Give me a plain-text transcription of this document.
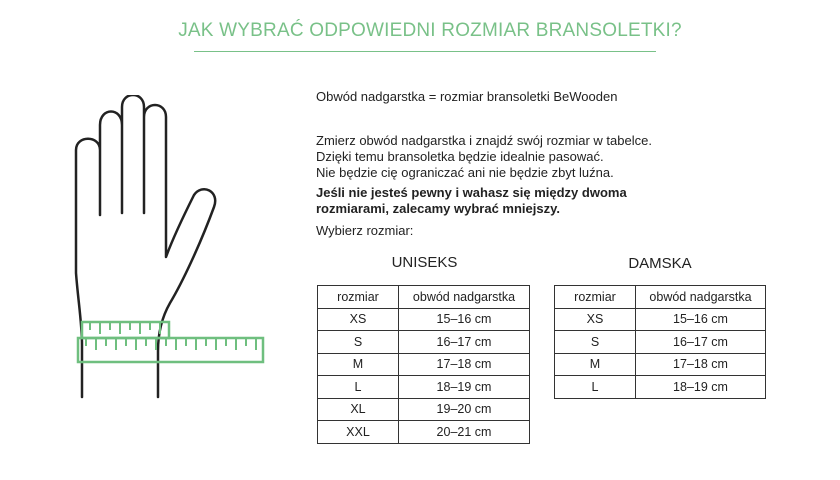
JAK WYBRAĆ ODPOWIEDNI ROZMIAR BRANSOLETKI?
Obwód nadgarstka = rozmiar bransoletki BeWooden
Zmierz obwód nadgarstka i znajdź swój rozmiar w tabelce.
Dzięki temu bransoletka będzie idealnie pasować.
Nie będzie cię ograniczać ani nie będzie zbyt luźna.
Jeśli nie jesteś pewny i wahasz się między dwoma
rozmiarami, zalecamy wybrać mniejszy.
Wybierz rozmiar:
UNISEKS
rozmiar	obwód nadgarstka
XS	15–16 cm
S	16–17 cm
M	17–18 cm
L	18–19 cm
XL	19–20 cm
XXL	20–21 cm
DAMSKA
rozmiar	obwód nadgarstka
XS	15–16 cm
S	16–17 cm
M	17–18 cm
L	18–19 cm
